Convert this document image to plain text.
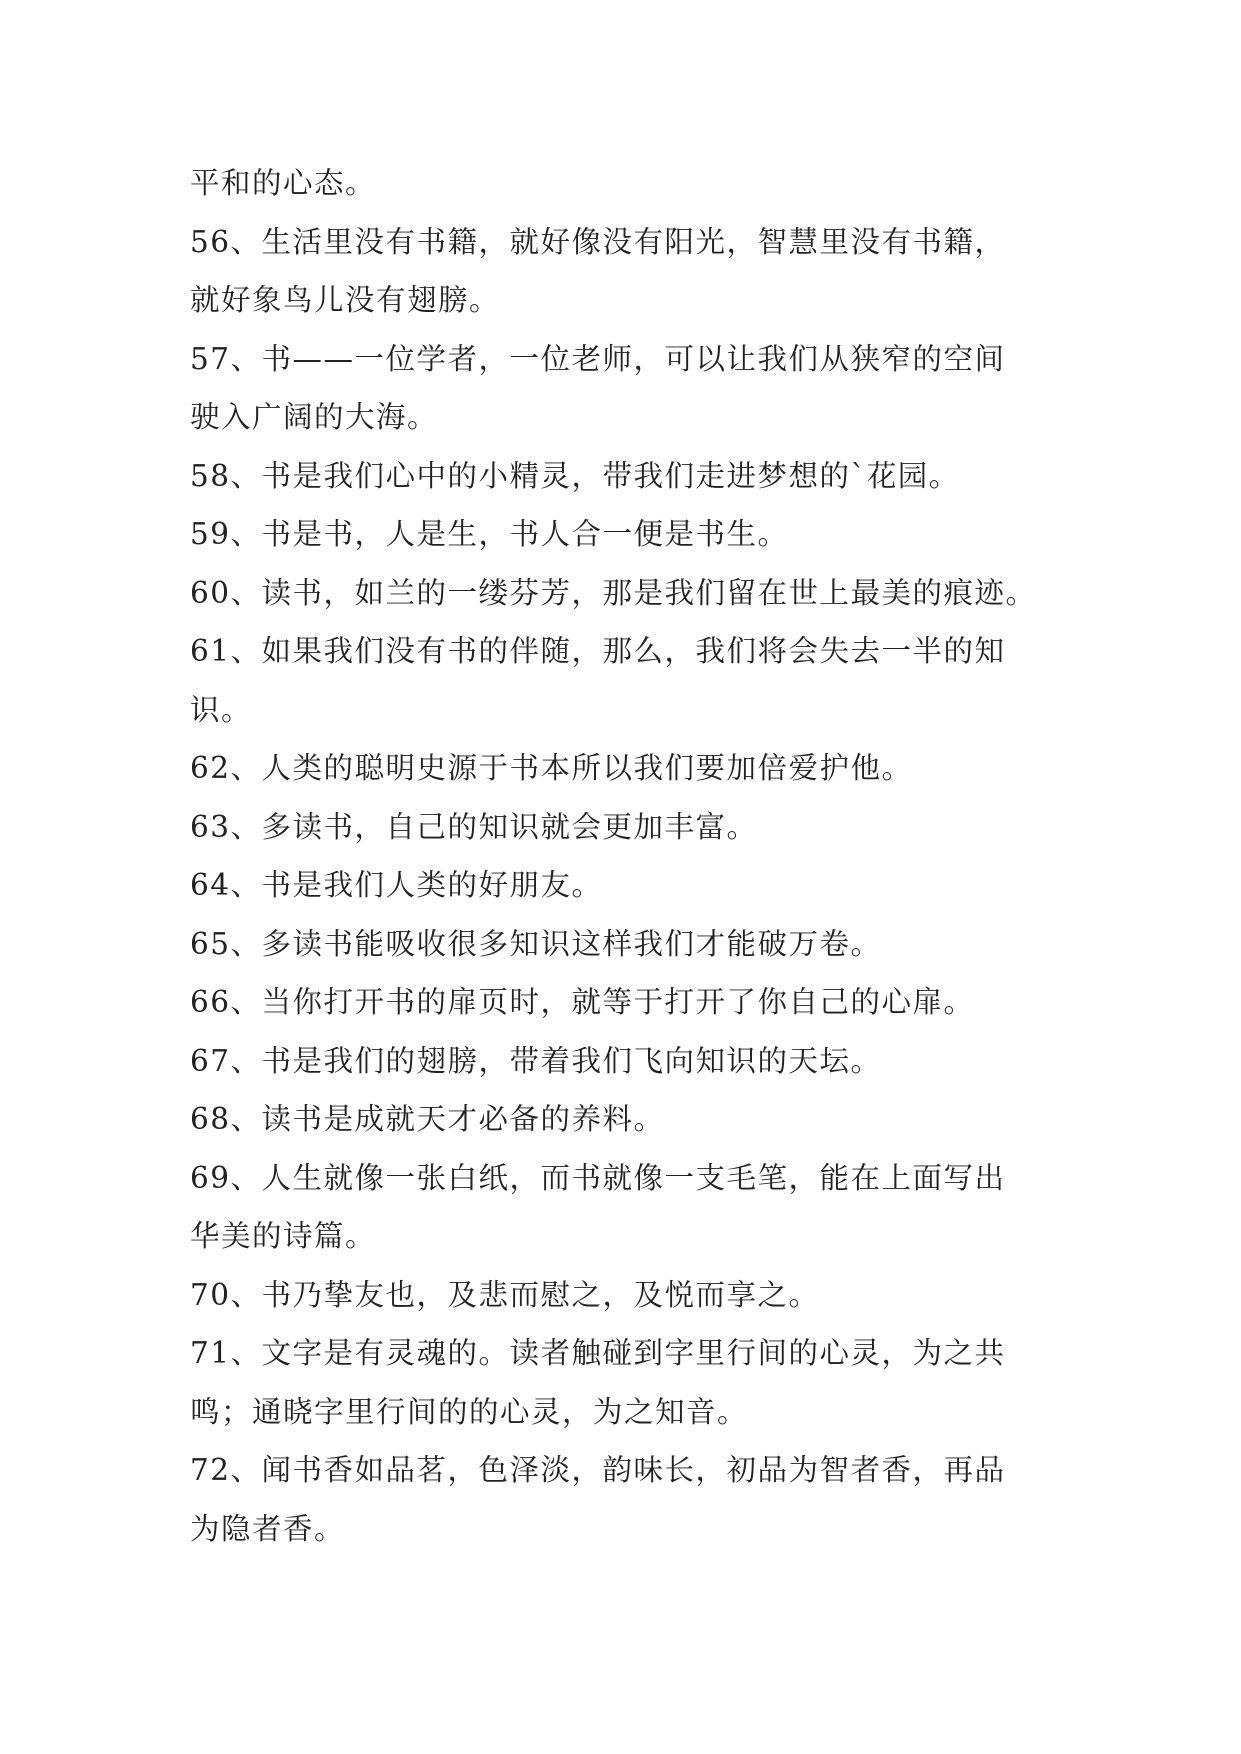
平和的心态。
56、生活里没有书籍，就好像没有阳光，智慧里没有书籍，
就好象鸟儿没有翅膀。
57、书——一位学者，一位老师，可以让我们从狭窄的空间
驶入广阔的大海。
58、书是我们心中的小精灵，带我们走进梦想的`花园。
59、书是书，人是生，书人合一便是书生。
60、读书，如兰的一缕芬芳，那是我们留在世上最美的痕迹。
61、如果我们没有书的伴随，那么，我们将会失去一半的知
识。
62、人类的聪明史源于书本所以我们要加倍爱护他。
63、多读书，自己的知识就会更加丰富。
64、书是我们人类的好朋友。
65、多读书能吸收很多知识这样我们才能破万卷。
66、当你打开书的扉页时，就等于打开了你自己的心扉。
67、书是我们的翅膀，带着我们飞向知识的天坛。
68、读书是成就天才必备的养料。
69、人生就像一张白纸，而书就像一支毛笔，能在上面写出
华美的诗篇。
70、书乃挚友也，及悲而慰之，及悦而享之。
71、文字是有灵魂的。读者触碰到字里行间的心灵，为之共
鸣；通晓字里行间的的心灵，为之知音。
72、闻书香如品茗，色泽淡，韵味长，初品为智者香，再品
为隐者香。
